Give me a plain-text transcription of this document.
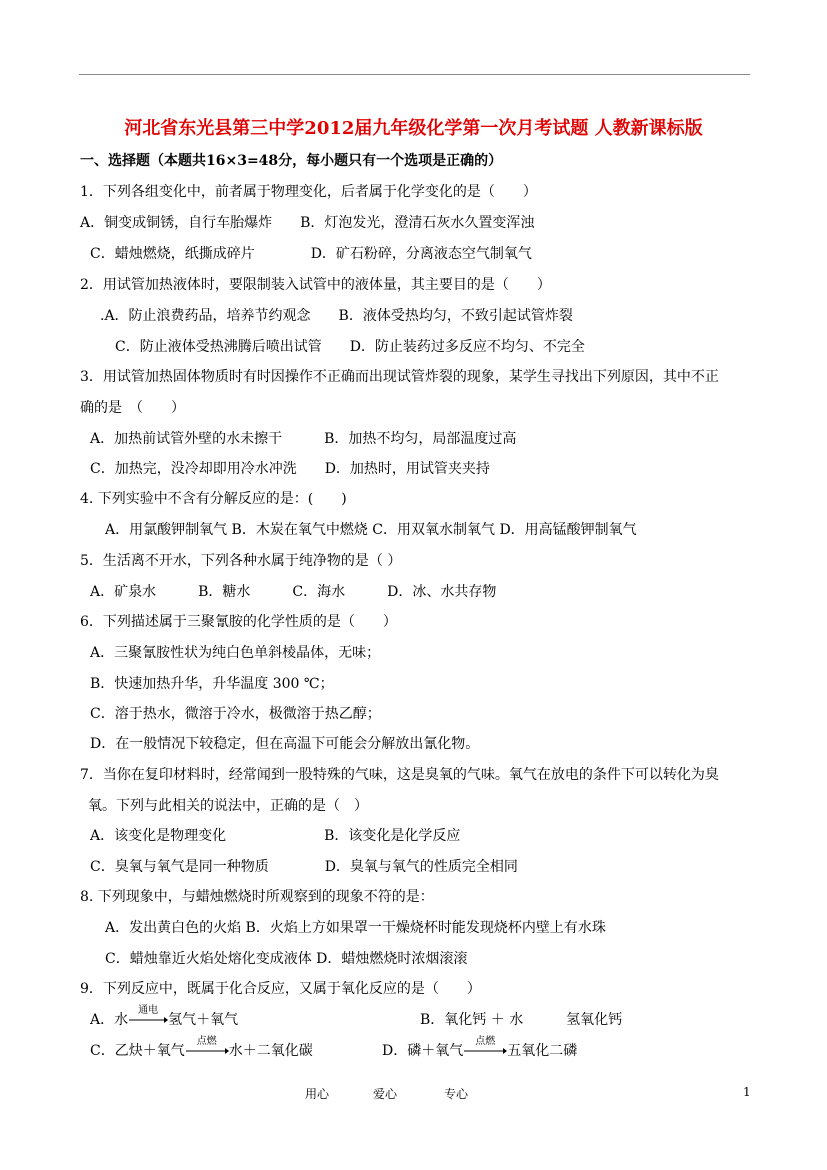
河北省东光县第三中学2012届九年级化学第一次月考试题 人教新课标版
一、选择题（本题共16×3=48分，每小题只有一个选项是正确的）
1．下列各组变化中，前者属于物理变化，后者属于化学变化的是（　　）
A．铜变成铜锈，自行车胎爆炸　　B．灯泡发光，澄清石灰水久置变浑浊
C．蜡烛燃烧，纸撕成碎片　　　　D．矿石粉碎，分离液态空气制氧气
2．用试管加热液体时，要限制装入试管中的液体量，其主要目的是（　　）
.A．防止浪费药品，培养节约观念　　B．液体受热均匀，不致引起试管炸裂
C．防止液体受热沸腾后喷出试管　　D．防止装药过多反应不均匀、不完全
3．用试管加热固体物质时有时因操作不正确而出现试管炸裂的现象，某学生寻找出下列原因，其中不正
确的是　（　　）
A．加热前试管外壁的水未擦干　　　B．加热不均匀，局部温度过高
C．加热完，没冷却即用冷水冲洗　　D．加热时，用试管夹夹持
4. 下列实验中不含有分解反应的是：(　　)
A．用氯酸钾制氧气 B．木炭在氧气中燃烧 C．用双氧水制氧气 D．用高锰酸钾制氧气
5．生活离不开水，下列各种水属于纯净物的是（ ）
A．矿泉水　　　B．糖水　　　C．海水　　　D．冰、水共存物
6．下列描述属于三聚氰胺的化学性质的是（　　）
A．三聚氰胺性状为纯白色单斜棱晶体，无味；
B．快速加热升华，升华温度 300 ℃；
C．溶于热水，微溶于冷水，极微溶于热乙醇；
D．在一般情况下较稳定，但在高温下可能会分解放出氰化物。
7．当你在复印材料时，经常闻到一股特殊的气味，这是臭氧的气味。氧气在放电的条件下可以转化为臭
氧。下列与此相关的说法中，正确的是（　）
A．该变化是物理变化　　　　　　　B．该变化是化学反应
C．臭氧与氧气是同一种物质　　　　D．臭氧与氧气的性质完全相同
8. 下列现象中，与蜡烛燃烧时所观察到的现象不符的是：
A．发出黄白色的火焰 B．火焰上方如果罩一干燥烧杯时能发现烧杯内壁上有水珠
C．蜡烛靠近火焰处熔化变成液体 D．蜡烛燃烧时浓烟滚滚
9．下列反应中，既属于化合反应，又属于氧化反应的是（　　）
A．水
通电
氢气＋氧气	B．氧化钙 ＋ 水	氢氧化钙
C．乙炔＋氧气
点燃
水＋二氧化碳	D．磷＋氧气
点燃
五氧化二磷
用心	爱心	专心	1
